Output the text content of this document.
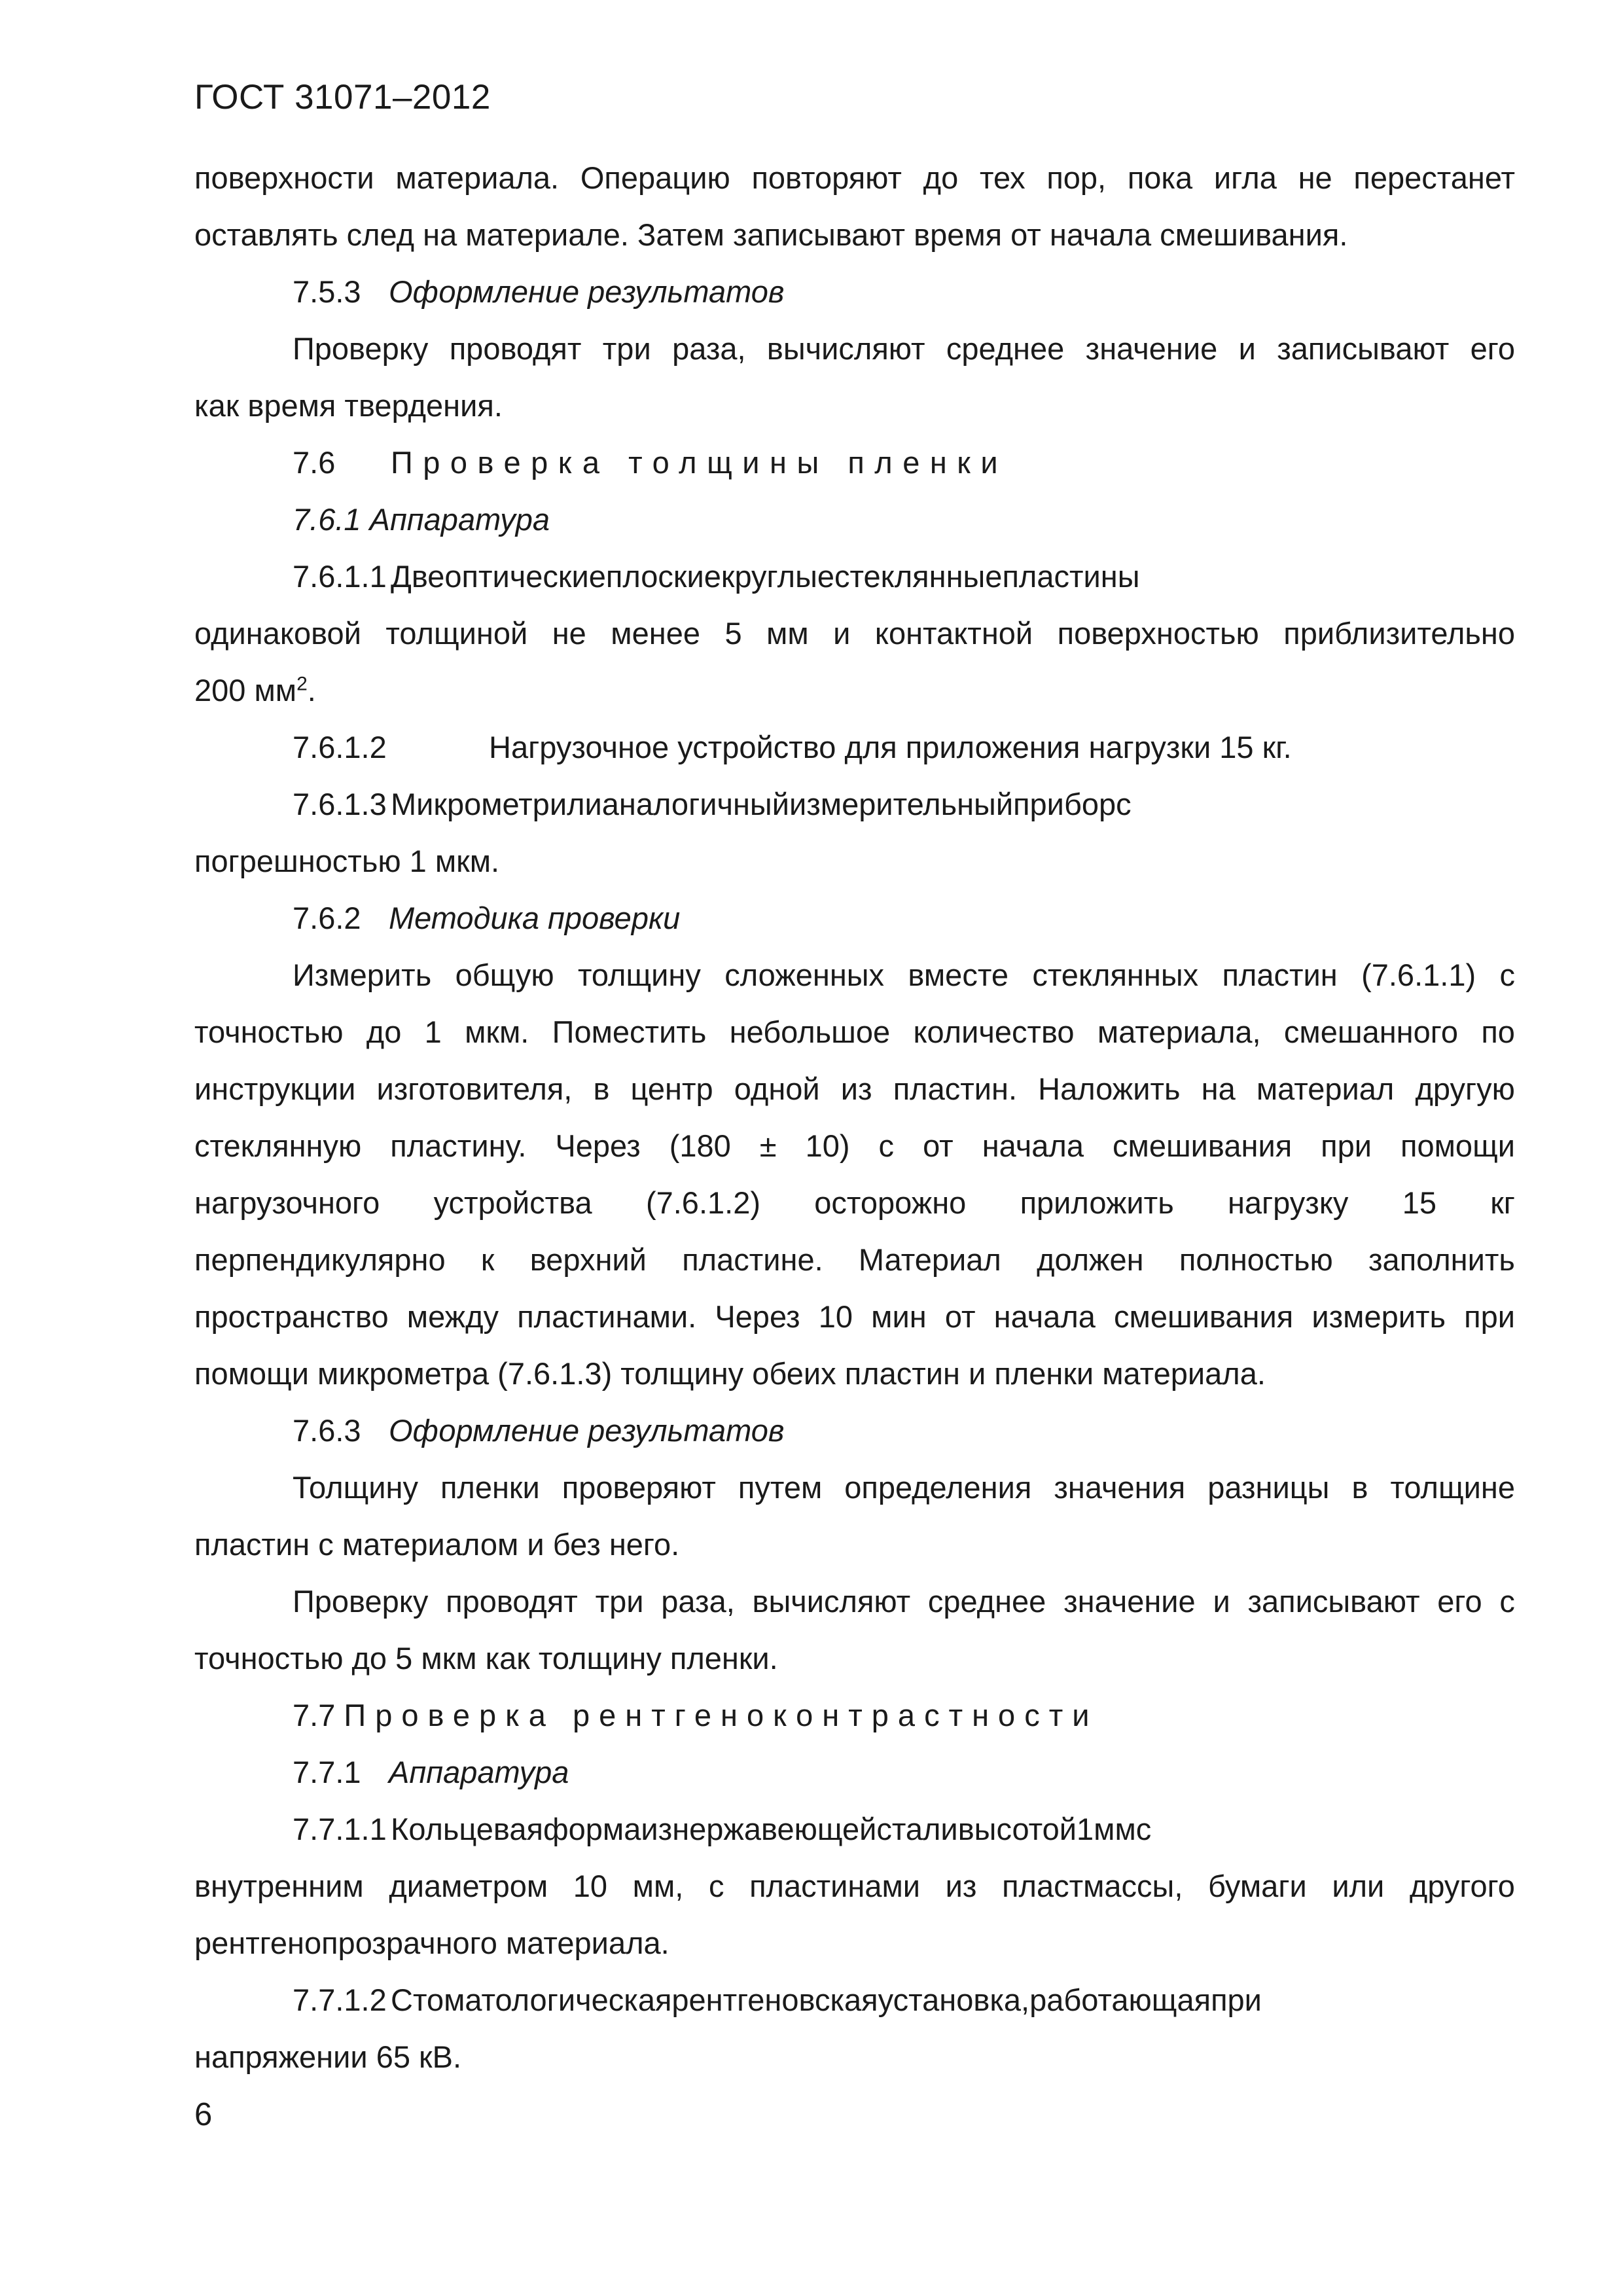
ГОСТ 31071–2012
поверхности материала. Операцию повторяют до тех пор, пока игла не перестанет

оставлять след на материале. Затем записывают время от начала смешивания.

7.5.3 Оформление результатов

Проверку проводят три раза, вычисляют среднее значение и записывают его

как время твердения.

7.6 Проверка толщины пленки

7.6.1 Аппаратура

7.6.1.1 Двеоптическиеплоскиекруглыестеклянныепластины
одинаковой толщиной не менее 5 мм и контактной поверхностью приблизительно

200 $мм^2$.

7.6.1.2	Нагрузочное устройство для приложения нагрузки 15 кг.

7.6.1.3 Микрометрилианалогичныйизмерительныйприборс

погрешностью 1 мкм.

7.6.2 Методика проверки

Измерить общую толщину сложенных вместе стеклянных пластин (7.6.1.1) с
точностью до 1 мкм. Поместить небольшое количество материала, смешанного по
инструкции изготовителя, в центр одной из пластин. Наложить на материал другую
стеклянную пластину. Через (180 ± 10) с от начала смешивания при помощи
нагрузочного устройства (7.6.1.2) осторожно приложить нагрузку 15 кг
перпендикулярно к верхний пластине. Материал должен полностью заполнить
пространство между пластинами. Через 10 мин от начала смешивания измерить при

помощи микрометра (7.6.1.3) толщину обеих пластин и пленки материала.

7.6.3 Оформление результатов

Толщину пленки проверяют путем определения значения разницы в толщине

пластин с материалом и без него.

Проверку проводят три раза, вычисляют среднее значение и записывают его с

точностью до 5 мкм как толщину пленки.

7.7 Проверка рентгеноконтрастности

7.7.1 Аппаратура

7.7.1.1 Кольцеваяформаизнержавеющейсталивысотой1ммс
внутренним диаметром 10 мм, с пластинами из пластмассы, бумаги или другого

рентгенопрозрачного материала.

7.7.1.2 Стоматологическаярентгеновскаяустановка,работающаяпри

напряжении 65 кВ.

6
